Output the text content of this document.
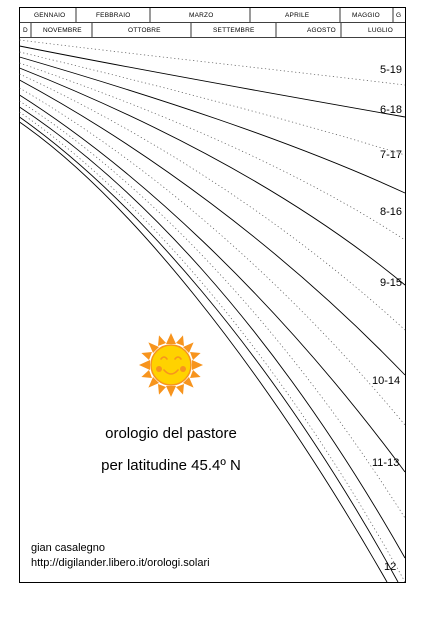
GENNAIO	FEBBRAIO	MARZO	APRILE	MAGGIO G
D NOVEMBRE	OTTOBRE	SETTEMBRE	AGOSTO	LUGLIO
5-19
6-18
7-17
8-16
9-15
10-14
11-13
12
orologio del pastore
per latitudine 45.4º N
gian casalegno
http://digilander.libero.it/orologi.solari
